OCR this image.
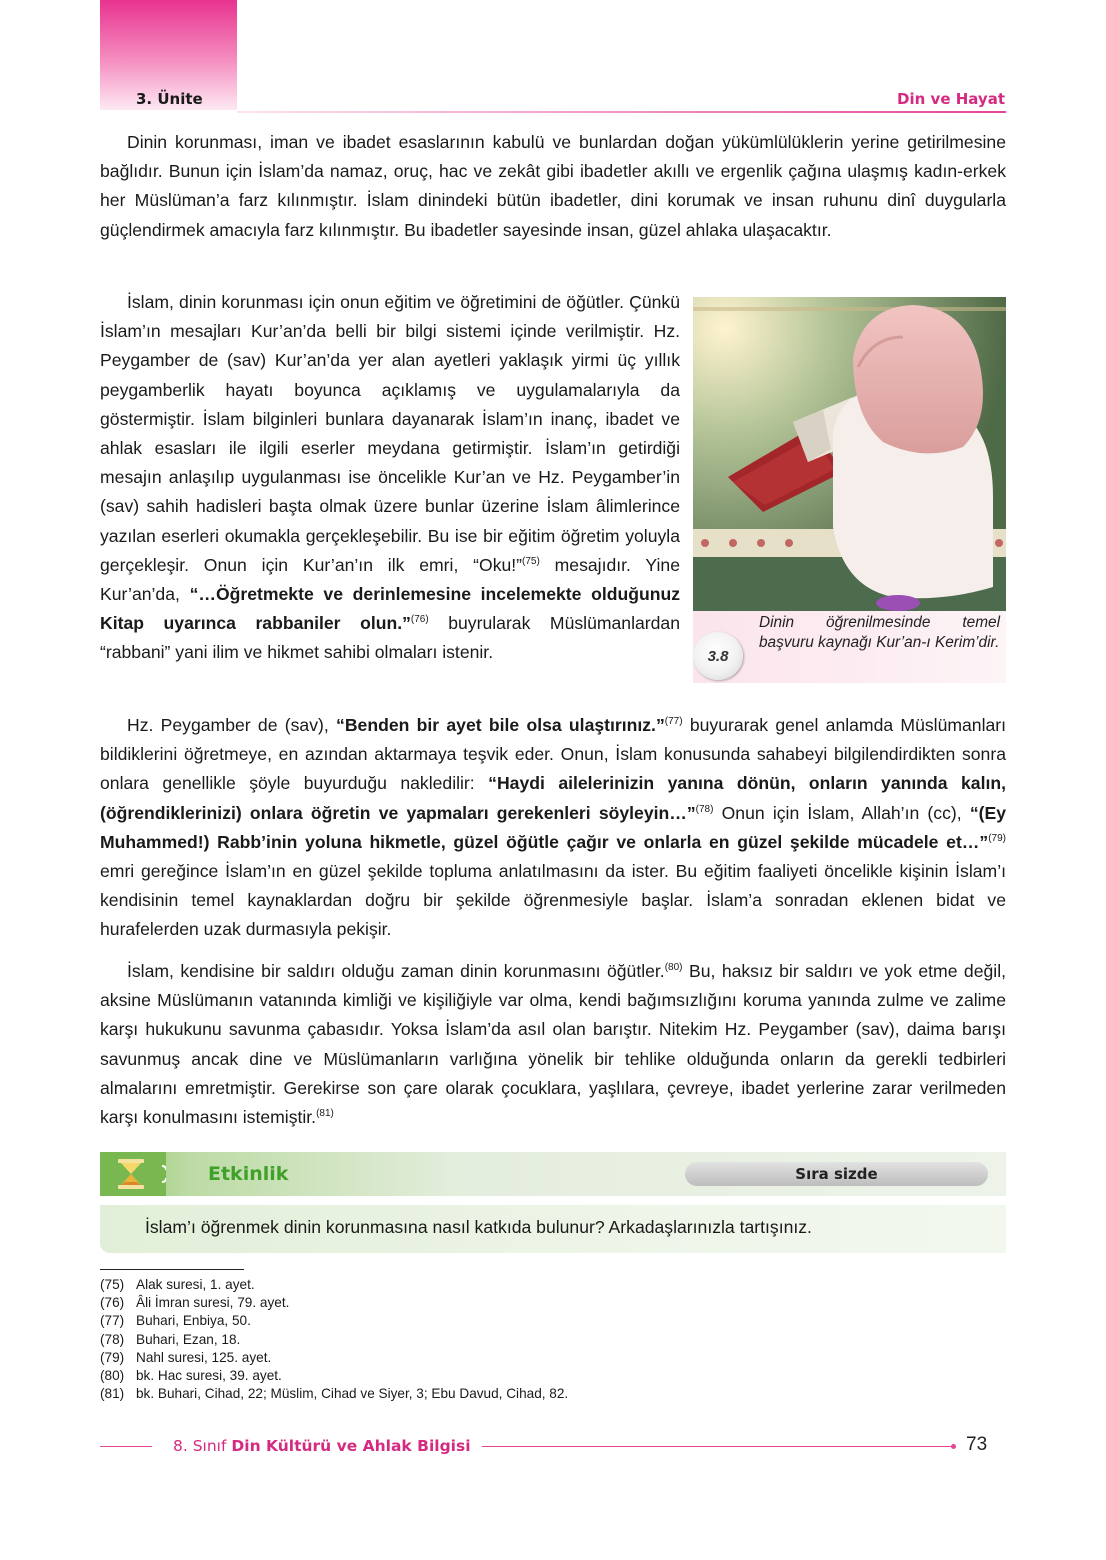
3. Ünite	Din ve Hayat

Dinin korunması, iman ve ibadet esaslarının kabulü ve bunlardan doğan yükümlülüklerin yerine getirilmesine bağlıdır. Bunun için İslam’da namaz, oruç, hac ve zekât gibi ibadetler akıllı ve ergenlik çağına ulaşmış kadın-erkek her Müslüman’a farz kılınmıştır. İslam dinindeki bütün ibadetler, dini korumak ve insan ruhunu dinî duygularla güçlendirmek amacıyla farz kılınmıştır. Bu ibadetler sayesinde insan, güzel ahlaka ulaşacaktır.

İslam, dinin korunması için onun eğitim ve öğretimini de öğütler. Çünkü İslam’ın mesajları Kur’an’da belli bir bilgi sistemi içinde verilmiştir. Hz. Peygamber de (sav) Kur’an’da yer alan ayetleri yaklaşık yirmi üç yıllık peygamberlik hayatı boyunca açıklamış ve uygulamalarıyla da göstermiştir. İslam bilginleri bunlara dayanarak İslam’ın inanç, ibadet ve ahlak esasları ile ilgili eserler meydana getirmiştir. İslam’ın getirdiği mesajın anlaşılıp uygulanması ise öncelikle Kur’an ve Hz. Peygamber’in (sav) sahih hadisleri başta olmak üzere bunlar üzerine İslam âlimlerince yazılan eserleri okumakla gerçekleşebilir. Bu ise bir eğitim öğretim yoluyla gerçekleşir. Onun için Kur’an’ın ilk emri, “Oku!”$^{(75)}$ mesajıdır. Yine Kur’an’da, “…Öğretmekte ve derinlemesine incelemekte olduğunuz Kitap uyarınca rabbaniler olun.”$^{(76)}$ buyrularak Müslümanlardan “rabbani” yani ilim ve hikmet sahibi olmaları istenir.	3.8

Dinin öğrenilmesinde temel başvuru kaynağı Kur’an-ı Kerim’dir.

Hz. Peygamber de (sav), “Benden bir ayet bile olsa ulaştırınız.”$^{(77)}$ buyurarak genel anlamda Müslümanları bildiklerini öğretmeye, en azından aktarmaya teşvik eder. Onun, İslam konusunda sahabeyi bilgilendirdikten sonra onlara genellikle şöyle buyurduğu nakledilir: “Haydi ailelerinizin yanına dönün, onların yanında kalın, (öğrendiklerinizi) onlara öğretin ve yapmaları gerekenleri söyleyin…”$^{(78)}$ Onun için İslam, Allah’ın (cc), “(Ey Muhammed!) Rabb’inin yoluna hikmetle, güzel öğütle çağır ve onlarla en güzel şekilde mücadele et…”$^{(79)}$ emri gereğince İslam’ın en güzel şekilde topluma anlatılmasını da ister. Bu eğitim faaliyeti öncelikle kişinin İslam’ı kendisinin temel kaynaklardan doğru bir şekilde öğrenmesiyle başlar. İslam’a sonradan eklenen bidat ve hurafelerden uzak durmasıyla pekişir.

İslam, kendisine bir saldırı olduğu zaman dinin korunmasını öğütler.$^{(80)}$ Bu, haksız bir saldırı ve yok etme değil, aksine Müslümanın vatanında kimliği ve kişiliğiyle var olma, kendi bağımsızlığını koruma yanında zulme ve zalime karşı hukukunu savunma çabasıdır. Yoksa İslam’da asıl olan barıştır. Nitekim Hz. Peygamber (sav), daima barışı savunmuş ancak dine ve Müslümanların varlığına yönelik bir tehlike olduğunda onların da gerekli tedbirleri almalarını emretmiştir. Gerekirse son çare olarak çocuklara, yaşlılara, çevreye, ibadet yerlerine zarar verilmeden karşı konulmasını istemiştir.$^{(81)}$

Etkinlik	Sıra sizde

İslam’ı öğrenmek dinin korunmasına nasıl katkıda bulunur? Arkadaşlarınızla tartışınız.

(75) Alak suresi, 1. ayet.
(76) Âli İmran suresi, 79. ayet.
(77) Buhari, Enbiya, 50.
(78) Buhari, Ezan, 18.
(79) Nahl suresi, 125. ayet.
(80) bk. Hac suresi, 39. ayet.
(81) bk. Buhari, Cihad, 22; Müslim, Cihad ve Siyer, 3; Ebu Davud, Cihad, 82.
8. Sınıf Din Kültürü ve Ahlak Bilgisi	73
